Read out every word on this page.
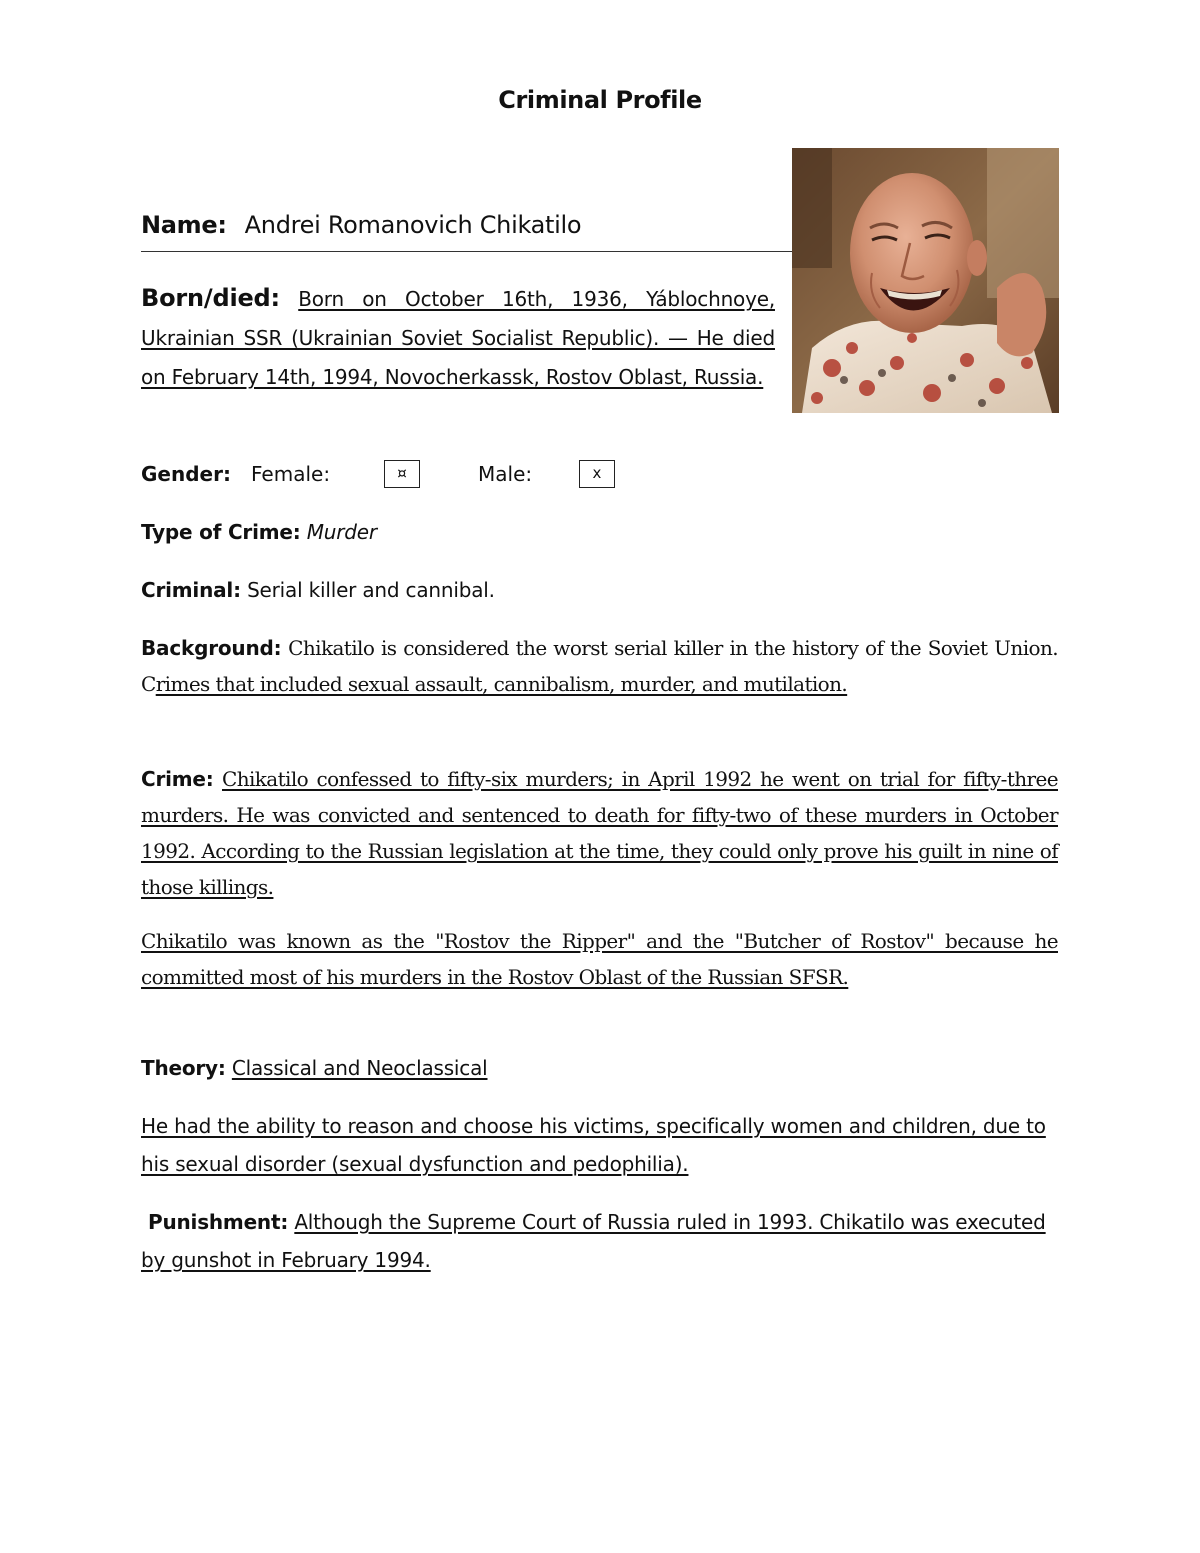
Criminal Profile
Name: Andrei Romanovich Chikatilo
Born/died: Born on October 16th, 1936, Yáblochnoye, Ukrainian SSR (Ukrainian Soviet Socialist Republic). — He died on February 14th, 1994, Novocherkassk, Rostov Oblast, Russia.
Gender: Female:	¤	Male:	x
Type of Crime: Murder
Criminal: Serial killer and cannibal.
Background: Chikatilo is considered the worst serial killer in the history of the Soviet Union. Crimes that included sexual assault, cannibalism, murder, and mutilation.
Crime: Chikatilo confessed to fifty-six murders; in April 1992 he went on trial for fifty-three murders. He was convicted and sentenced to death for fifty-two of these murders in October 1992. According to the Russian legislation at the time, they could only prove his guilt in nine of those killings.
Chikatilo was known as the "Rostov the Ripper" and the "Butcher of Rostov" because he committed most of his murders in the Rostov Oblast of the Russian SFSR.
Theory: Classical and Neoclassical
He had the ability to reason and choose his victims, specifically women and children, due to his sexual disorder (sexual dysfunction and pedophilia).
Punishment: Although the Supreme Court of Russia ruled in 1993. Chikatilo was executed by gunshot in February 1994.
